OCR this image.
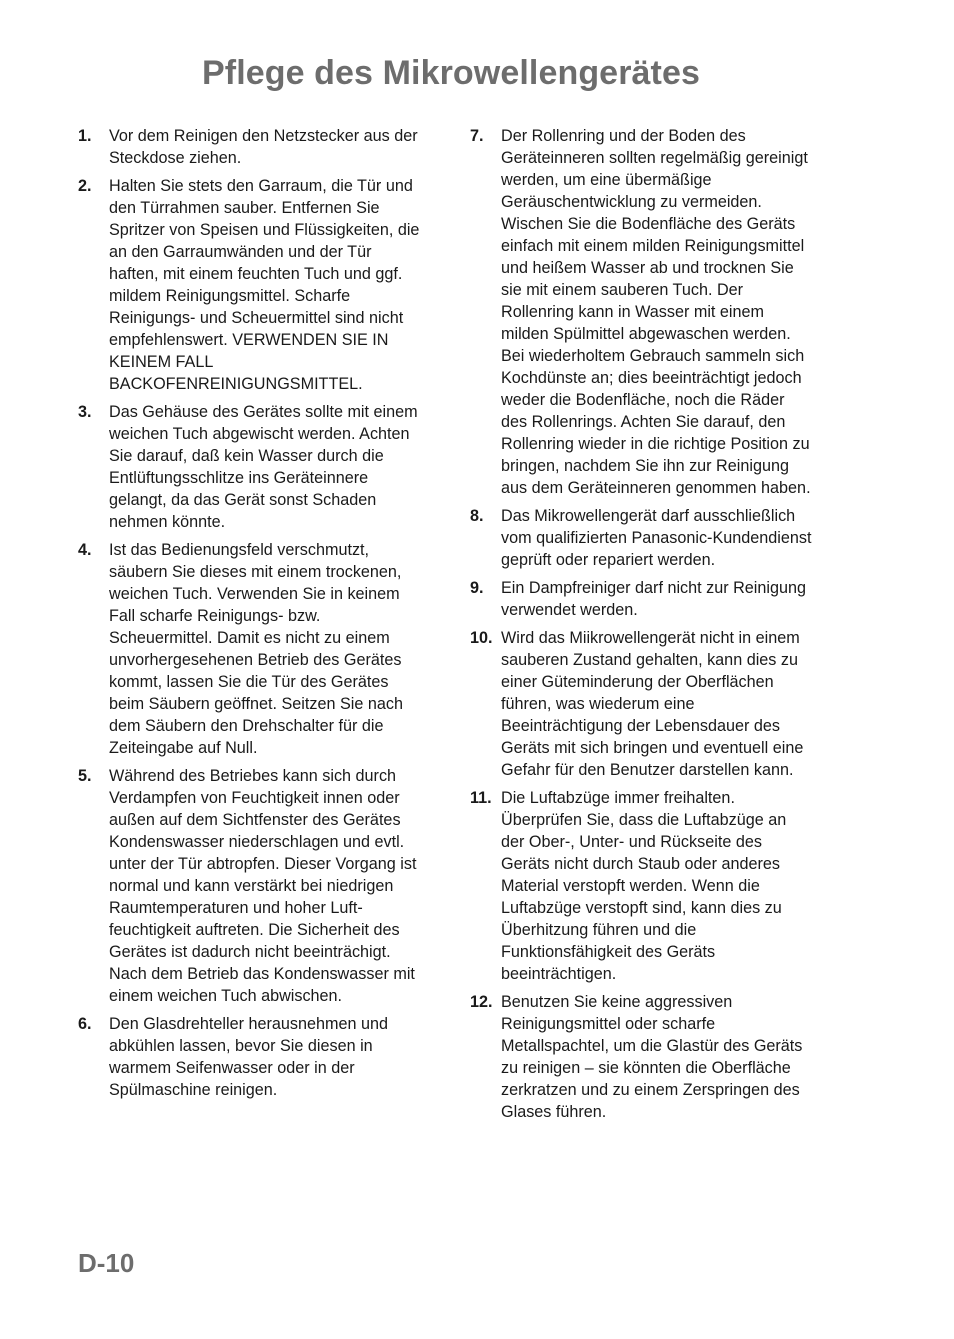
Pflege des Mikrowellengerätes
1.	Vor dem Reinigen den Netzstecker aus der
Steckdose ziehen.
2.	Halten Sie stets den Garraum, die Tür und
den Türrahmen sauber. Entfernen Sie
Spritzer von Speisen und Flüssigkeiten, die
an den Garraumwänden und der Tür
haften, mit einem feuchten Tuch und ggf.
mildem Reinigungsmittel. Scharfe
Reinigungs- und Scheuermittel sind nicht
empfehlenswert. VERWENDEN SIE IN
KEINEM FALL
BACKOFENREINIGUNGSMITTEL.
3.	Das Gehäuse des Gerätes sollte mit einem
weichen Tuch abgewischt werden. Achten
Sie darauf, daß kein Wasser durch die
Entlüftungsschlitze ins Geräteinnere
gelangt, da das Gerät sonst Schaden
nehmen könnte.
4.	Ist das Bedienungsfeld verschmutzt,
säubern Sie dieses mit einem trockenen,
weichen Tuch. Verwenden Sie in keinem
Fall scharfe Reinigungs- bzw.
Scheuermittel. Damit es nicht zu einem
unvorhergesehenen Betrieb des Gerätes
kommt, lassen Sie die Tür des Gerätes
beim Säubern geöffnet. Seitzen Sie nach
dem Säubern den Drehschalter für die
Zeiteingabe auf Null.
5.	Während des Betriebes kann sich durch
Verdampfen von Feuchtigkeit innen oder
außen auf dem Sichtfenster des Gerätes
Kondenswasser niederschlagen und evtl.
unter der Tür abtropfen. Dieser Vorgang ist
normal und kann verstärkt bei niedrigen
Raumtemperaturen und hoher Luft-
feuchtigkeit auftreten. Die Sicherheit des
Gerätes ist dadurch nicht beeinträchigt.
Nach dem Betrieb das Kondenswasser mit
einem weichen Tuch abwischen.
6.	Den Glasdrehteller herausnehmen und
abkühlen lassen, bevor Sie diesen in
warmem Seifenwasser oder in der
Spülmaschine reinigen.
7.	Der Rollenring und der Boden des
Geräteinneren sollten regelmäßig gereinigt
werden, um eine übermäßige
Geräuschentwicklung zu vermeiden.
Wischen Sie die Bodenfläche des Geräts
einfach mit einem milden Reinigungsmittel
und heißem Wasser ab und trocknen Sie
sie mit einem sauberen Tuch. Der
Rollenring kann in Wasser mit einem
milden Spülmittel abgewaschen werden.
Bei wiederholtem Gebrauch sammeln sich
Kochdünste an; dies beeinträchtigt jedoch
weder die Bodenfläche, noch die Räder
des Rollenrings. Achten Sie darauf, den
Rollenring wieder in die richtige Position zu
bringen, nachdem Sie ihn zur Reinigung
aus dem Geräteinneren genommen haben.
8.	Das Mikrowellengerät darf ausschließlich
vom qualifizierten Panasonic-Kundendienst
geprüft oder repariert werden.
9.	Ein Dampfreiniger darf nicht zur Reinigung
verwendet werden.
10. Wird das Miikrowellengerät nicht in einem
sauberen Zustand gehalten, kann dies zu
einer Güteminderung der Oberflächen
führen, was wiederum eine
Beeinträchtigung der Lebensdauer des
Geräts mit sich bringen und eventuell eine
Gefahr für den Benutzer darstellen kann.
11. Die Luftabzüge immer freihalten.
Überprüfen Sie, dass die Luftabzüge an
der Ober-, Unter- und Rückseite des
Geräts nicht durch Staub oder anderes
Material verstopft werden. Wenn die
Luftabzüge verstopft sind, kann dies zu
Überhitzung führen und die
Funktionsfähigkeit des Geräts
beeinträchtigen.
12. Benutzen Sie keine aggressiven
Reinigungsmittel oder scharfe
Metallspachtel, um die Glastür des Geräts
zu reinigen – sie könnten die Oberfläche
zerkratzen und zu einem Zerspringen des
Glases führen.
D-10
